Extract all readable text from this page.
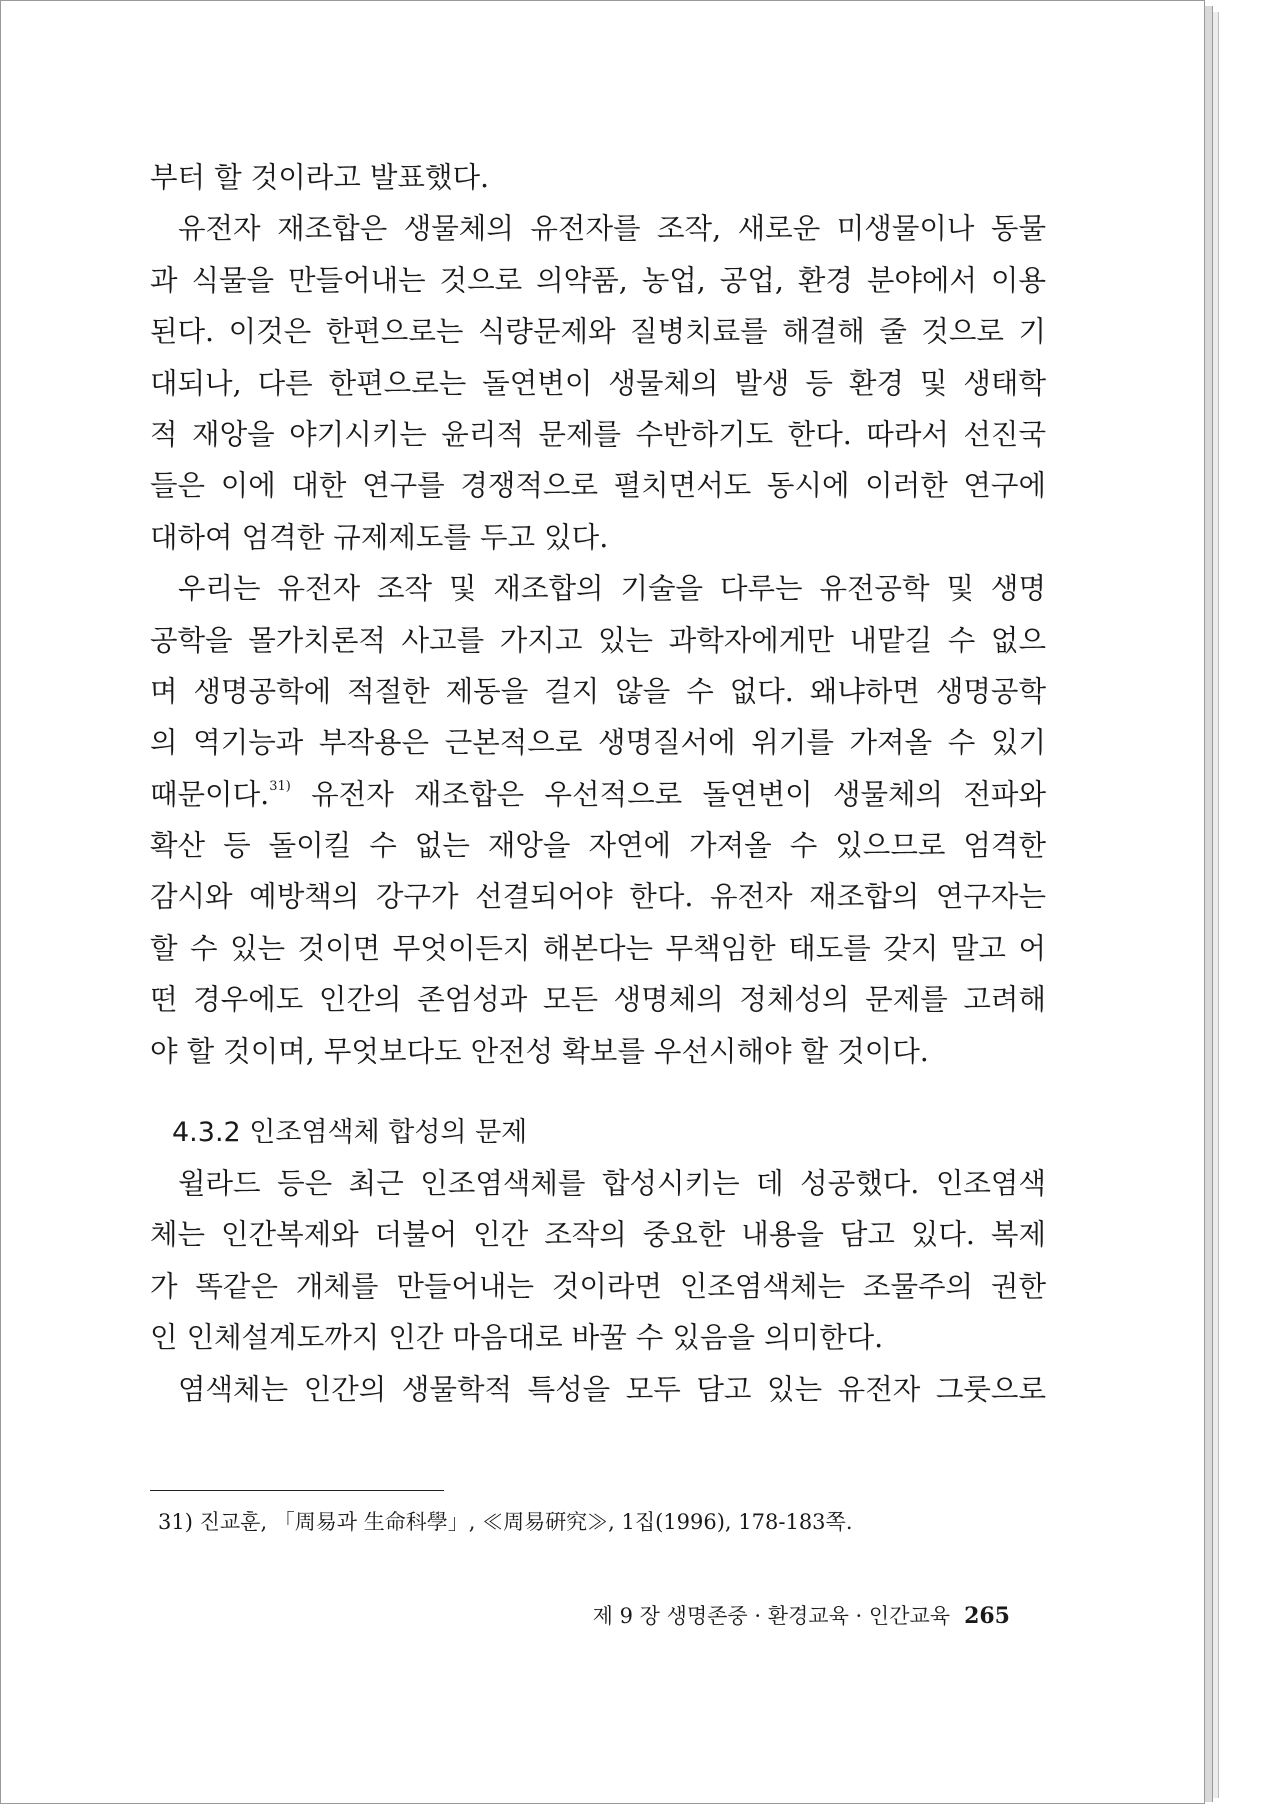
부터 할 것이라고 발표했다.
유전자 재조합은 생물체의 유전자를 조작, 새로운 미생물이나 동물
과 식물을 만들어내는 것으로 의약품, 농업, 공업, 환경 분야에서 이용
된다. 이것은 한편으로는 식량문제와 질병치료를 해결해 줄 것으로 기
대되나, 다른 한편으로는 돌연변이 생물체의 발생 등 환경 및 생태학
적 재앙을 야기시키는 윤리적 문제를 수반하기도 한다. 따라서 선진국
들은 이에 대한 연구를 경쟁적으로 펼치면서도 동시에 이러한 연구에
대하여 엄격한 규제제도를 두고 있다.
우리는 유전자 조작 및 재조합의 기술을 다루는 유전공학 및 생명
공학을 몰가치론적 사고를 가지고 있는 과학자에게만 내맡길 수 없으
며 생명공학에 적절한 제동을 걸지 않을 수 없다. 왜냐하면 생명공학
의 역기능과 부작용은 근본적으로 생명질서에 위기를 가져올 수 있기
때문이다.$^{31)}$ 유전자 재조합은 우선적으로 돌연변이 생물체의 전파와
확산 등 돌이킬 수 없는 재앙을 자연에 가져올 수 있으므로 엄격한
감시와 예방책의 강구가 선결되어야 한다. 유전자 재조합의 연구자는
할 수 있는 것이면 무엇이든지 해본다는 무책임한 태도를 갖지 말고 어
떤 경우에도 인간의 존엄성과 모든 생명체의 정체성의 문제를 고려해
야 할 것이며, 무엇보다도 안전성 확보를 우선시해야 할 것이다.
4.3.2 인조염색체 합성의 문제
윌라드 등은 최근 인조염색체를 합성시키는 데 성공했다. 인조염색
체는 인간복제와 더불어 인간 조작의 중요한 내용을 담고 있다. 복제
가 똑같은 개체를 만들어내는 것이라면 인조염색체는 조물주의 권한
인 인체설계도까지 인간 마음대로 바꿀 수 있음을 의미한다.
염색체는 인간의 생물학적 특성을 모두 담고 있는 유전자 그룻으로
31) 진교훈, 「周易과 生命科學」, ≪周易硏究≫, 1집(1996), 178-183쪽.
제 9 장 생명존중 · 환경교육 · 인간교육 265
